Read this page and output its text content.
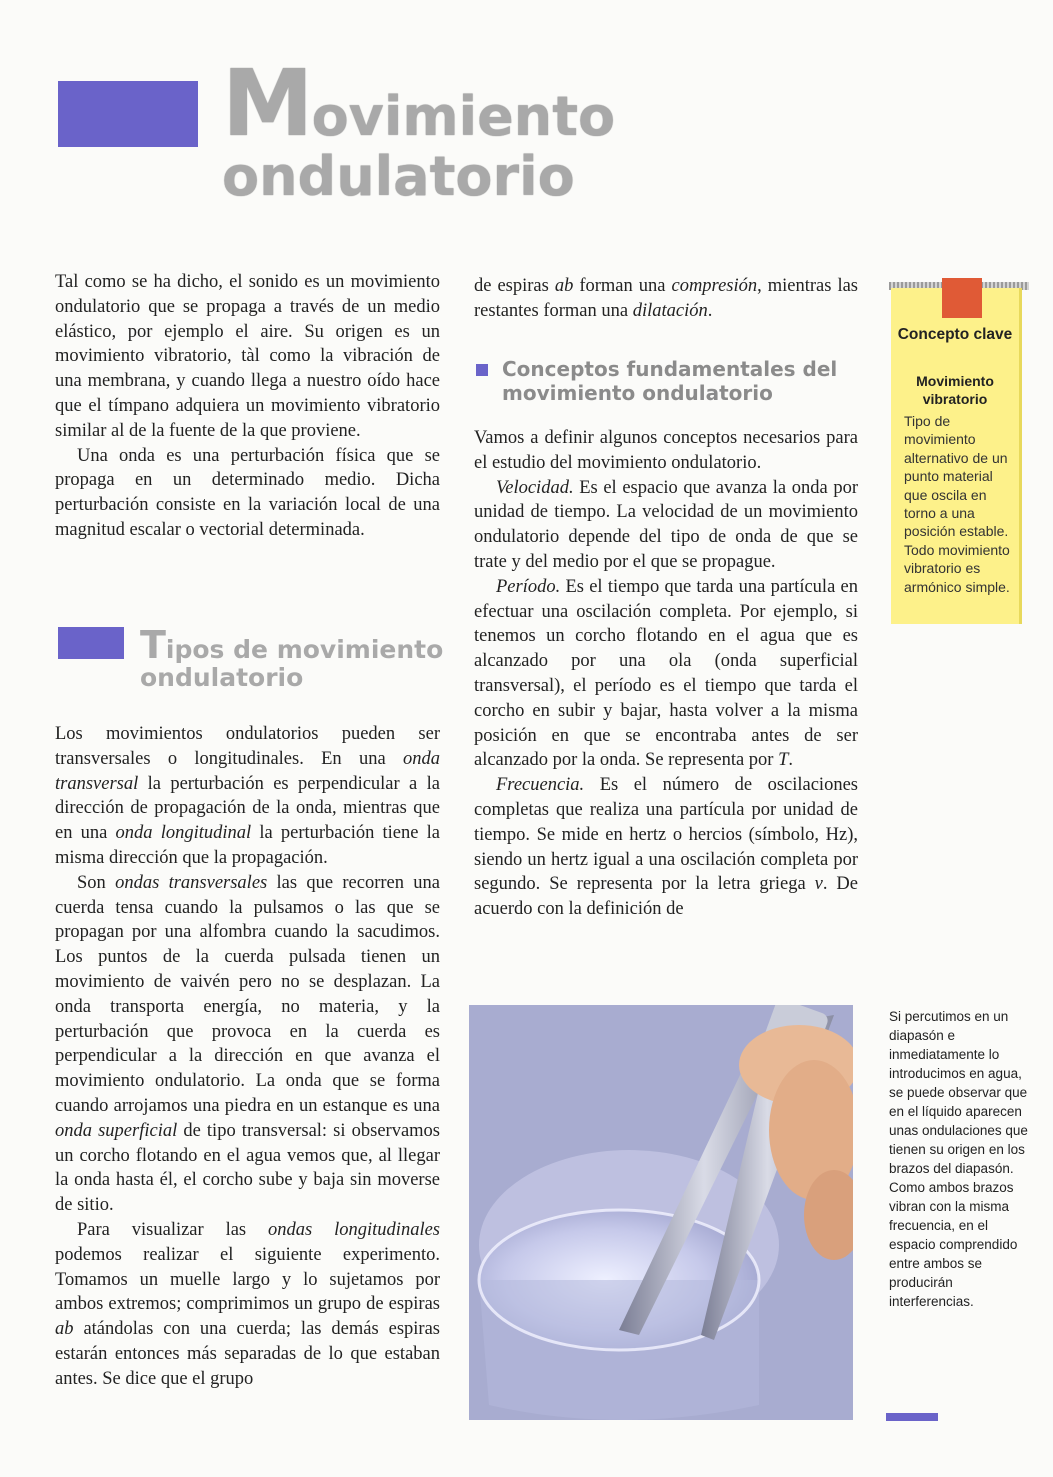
Movimiento
ondulatorio

Tal como se ha dicho, el sonido es un movimiento ondulatorio que se propaga a través de un medio elástico, por ejemplo el aire. Su origen es un movimiento vibratorio, tàl como la vibración de una membrana, y cuando llega a nuestro oído hace que el tímpano adquiera un movimiento vibratorio similar al de la fuente de la que proviene.

Una onda es una perturbación física que se propaga en un determinado medio. Dicha perturbación consiste en la variación local de una magnitud escalar o vectorial determinada.

Tipos de movimiento
ondulatorio

Los movimientos ondulatorios pueden ser transversales o longitudinales. En una onda transversal la perturbación es perpendicular a la dirección de propagación de la onda, mientras que en una onda longitudinal la perturbación tiene la misma dirección que la propagación.

Son ondas transversales las que recorren una cuerda tensa cuando la pulsamos o las que se propagan por una alfombra cuando la sacudimos. Los puntos de la cuerda pulsada tienen un movimiento de vaivén pero no se desplazan. La onda transporta energía, no materia, y la perturbación que provoca en la cuerda es perpendicular a la dirección en que avanza el movimiento ondulatorio. La onda que se forma cuando arrojamos una piedra en un estanque es una onda superficial de tipo transversal: si observamos un corcho flotando en el agua vemos que, al llegar la onda hasta él, el corcho sube y baja sin moverse de sitio.

Para visualizar las ondas longitudinales podemos realizar el siguiente experimento. Tomamos un muelle largo y lo sujetamos por ambos extremos; comprimimos un grupo de espiras ab atándolas con una cuerda; las demás espiras estarán entonces más separadas de lo que estaban antes. Se dice que el grupo

de espiras ab forman una compresión, mientras las restantes forman una dilatación.

Conceptos fundamentales del movimiento ondulatorio

Vamos a definir algunos conceptos necesarios para el estudio del movimiento ondulatorio.

Velocidad. Es el espacio que avanza la onda por unidad de tiempo. La velocidad de un movimiento ondulatorio depende del tipo de onda de que se trate y del medio por el que se propague.

Período. Es el tiempo que tarda una partícula en efectuar una oscilación completa. Por ejemplo, si tenemos un corcho flotando en el agua que es alcanzado por una ola (onda superficial transversal), el período es el tiempo que tarda el corcho en subir y bajar, hasta volver a la misma posición en que se encontraba antes de ser alcanzado por la onda. Se representa por T.

Frecuencia. Es el número de oscilaciones completas que realiza una partícula por unidad de tiempo. Se mide en hertz o hercios (símbolo, Hz), siendo un hertz igual a una oscilación completa por segundo. Se representa por la letra griega v. De acuerdo con la definición de

Concepto clave
Movimiento vibratorio
Tipo de movimiento alternativo de un punto material que oscila en torno a una posición estable. Todo movimiento vibratorio es armónico simple.
Si percutimos en un diapasón e inmediatamente lo introducimos en agua, se puede observar que en el líquido aparecen unas ondulaciones que tienen su origen en los brazos del diapasón. Como ambos brazos vibran con la misma frecuencia, en el espacio comprendido entre ambos se producirán interferencias.
